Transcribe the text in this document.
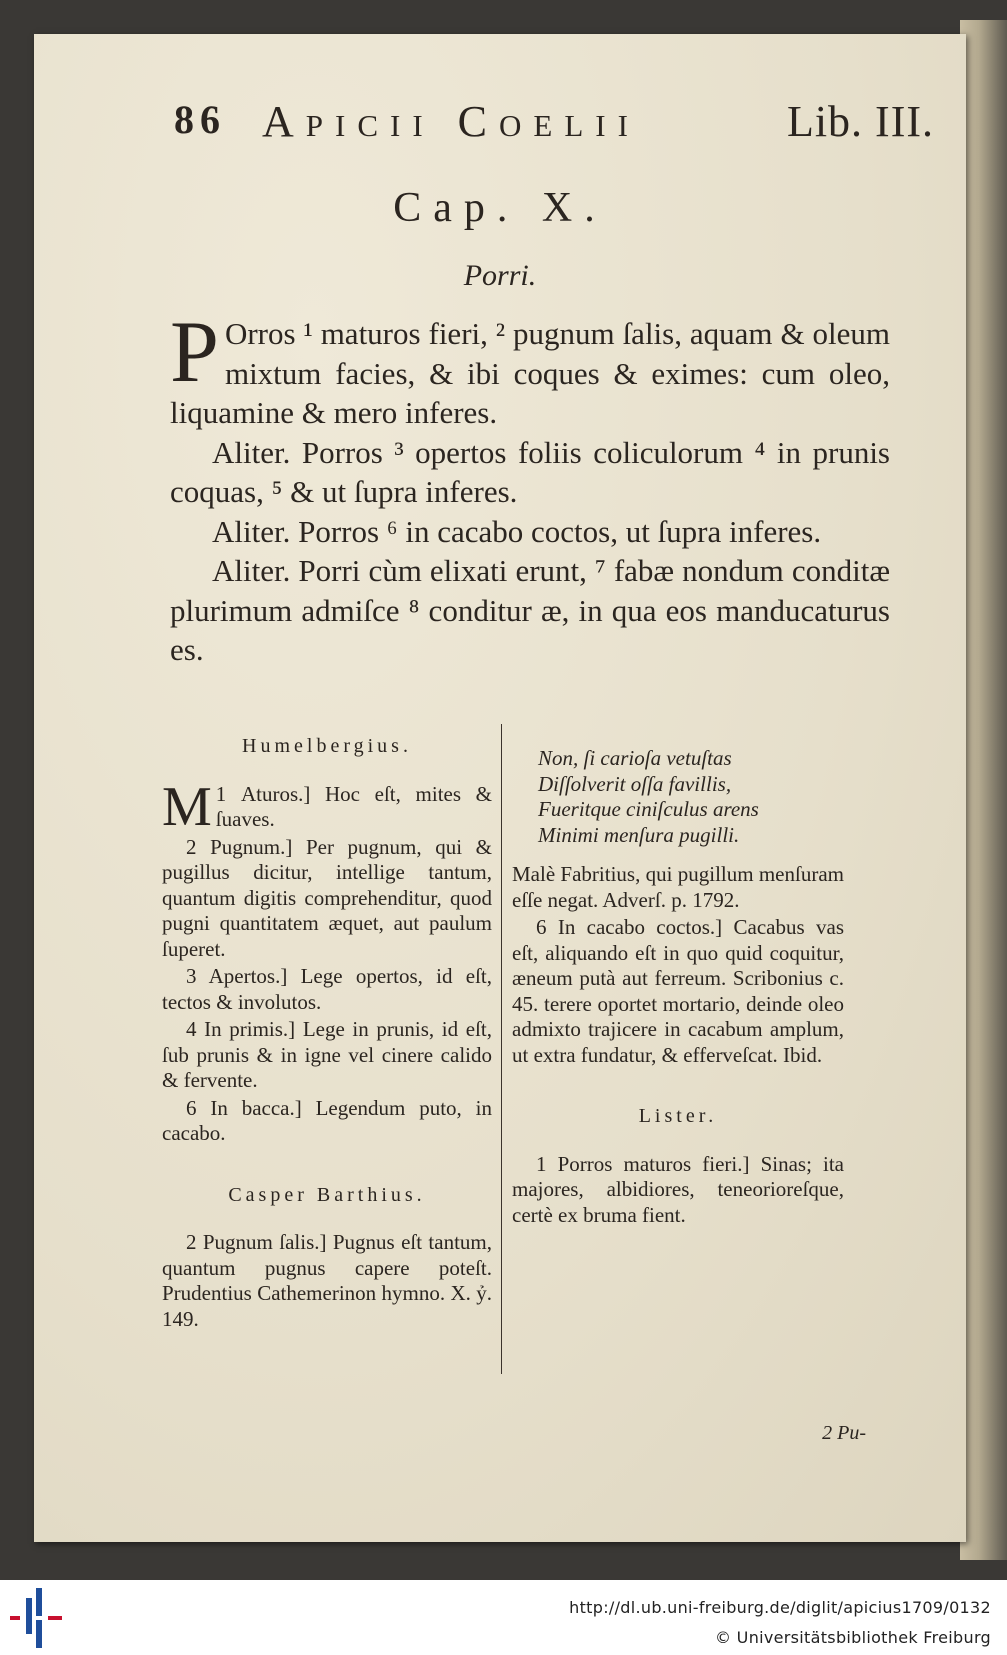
86 Apicii Coelii	Lib. III.
Cap. X.
Porri.

P Orros ¹ maturos fieri, ² pugnum ſalis, aquam & oleum mixtum facies, & ibi coques & eximes: cum oleo, liquamine & mero inferes.

Aliter. Porros ³ opertos foliis coliculorum ⁴ in prunis coquas, ⁵ & ut ſupra inferes.

Aliter. Porros ⁶ in cacabo coctos, ut ſupra inferes.

Aliter. Porri cùm elixati erunt, ⁷ fabæ nondum conditæ plurimum admiſce ⁸ conditur æ, in qua eos manducaturus es.

Humelbergius.

1
M Aturos.] Hoc eſt, mites & ſuaves.

2 Pugnum.] Per pugnum, qui & pugillus dicitur, intellige tantum, quantum digitis comprehenditur, quod pugni quantitatem æquet, aut paulum ſuperet.

3 Apertos.] Lege opertos, id eſt, tectos & involutos.

4 In primis.] Lege in prunis, id eſt, ſub prunis & in igne vel cinere calido & fervente.

6 In bacca.] Legendum puto, in cacabo.

Casper Barthius.

2 Pugnum ſalis.] Pugnus eſt tantum, quantum pugnus capere poteſt. Prudentius Cathemerinon hymno. X. ỷ. 149.

Non, ſi carioſa vetuſtas

Diſſolverit oſſa favillis,

Fueritque ciniſculus arens

Minimi menſura pugilli.

Malè Fabritius, qui pugillum menſuram eſſe negat. Adverſ. p. 1792.

6 In cacabo coctos.] Cacabus vas eſt, aliquando eſt in quo quid coquitur, æneum putà aut ferreum. Scribonius c. 45. terere oportet mortario, deinde oleo admixto trajicere in cacabum amplum, ut extra fundatur, & efferveſcat. Ibid.

Lister.

1 Porros maturos fieri.] Sinas; ita majores, albidiores, teneorioreſque, certè ex bruma fient.

2 Pu-
http://dl.ub.uni-freiburg.de/diglit/apicius1709/0132
© Universitätsbibliothek Freiburg
